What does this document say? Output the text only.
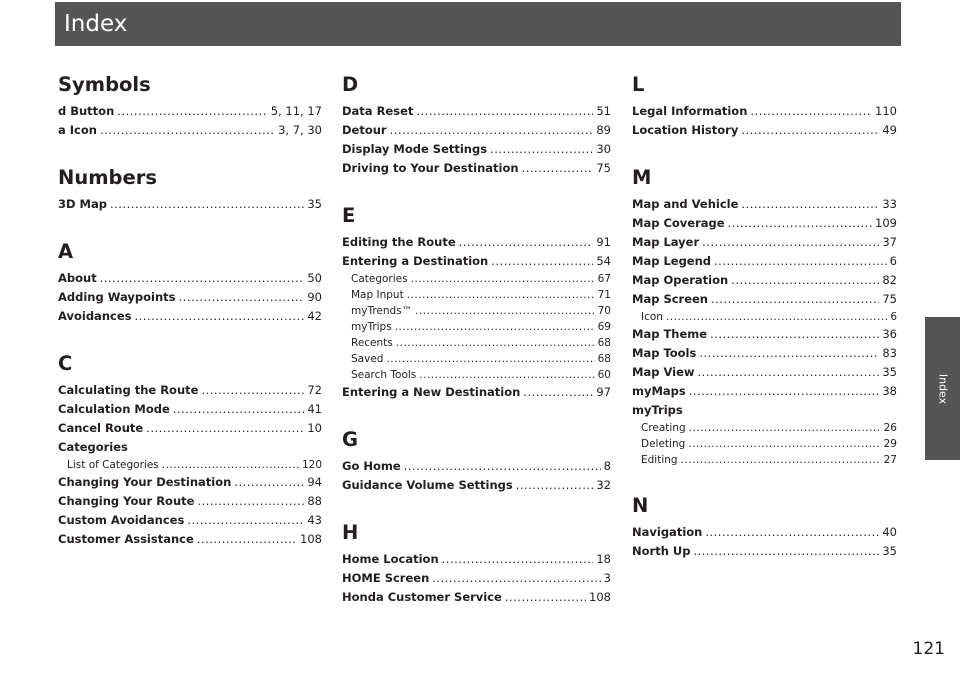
Index
Index
121
Symbols
d Button .....	5, 11, 17
a Icon .....	3, 7, 30
Numbers
3D Map .....	35
A
About .....	50
Adding Waypoints .....	90
Avoidances .....	42
C
Calculating the Route .....	72
Calculation Mode .....	41
Cancel Route .....	10
Categories
List of Categories .....	120
Changing Your Destination .....	94
Changing Your Route .....	88
Custom Avoidances .....	43
Customer Assistance .....	108
D
Data Reset .....	51
Detour .....	89
Display Mode Settings .....	30
Driving to Your Destination .....	75
E
Editing the Route .....	91
Entering a Destination .....	54
Categories .....	67
Map Input .....	71
myTrends™ .....	70
myTrips .....	69
Recents .....	68
Saved .....	68
Search Tools .....	60
Entering a New Destination .....	97
G
Go Home .....	8
Guidance Volume Settings .....	32
H
Home Location .....	18
HOME Screen .....	3
Honda Customer Service .....	108
L
Legal Information .....	110
Location History .....	49
M
Map and Vehicle .....	33
Map Coverage .....	109
Map Layer .....	37
Map Legend .....	6
Map Operation .....	82
Map Screen .....	75
Icon .....	6
Map Theme .....	36
Map Tools .....	83
Map View .....	35
myMaps .....	38
myTrips
Creating .....	26
Deleting .....	29
Editing .....	27
N
Navigation .....	40
North Up .....	35
